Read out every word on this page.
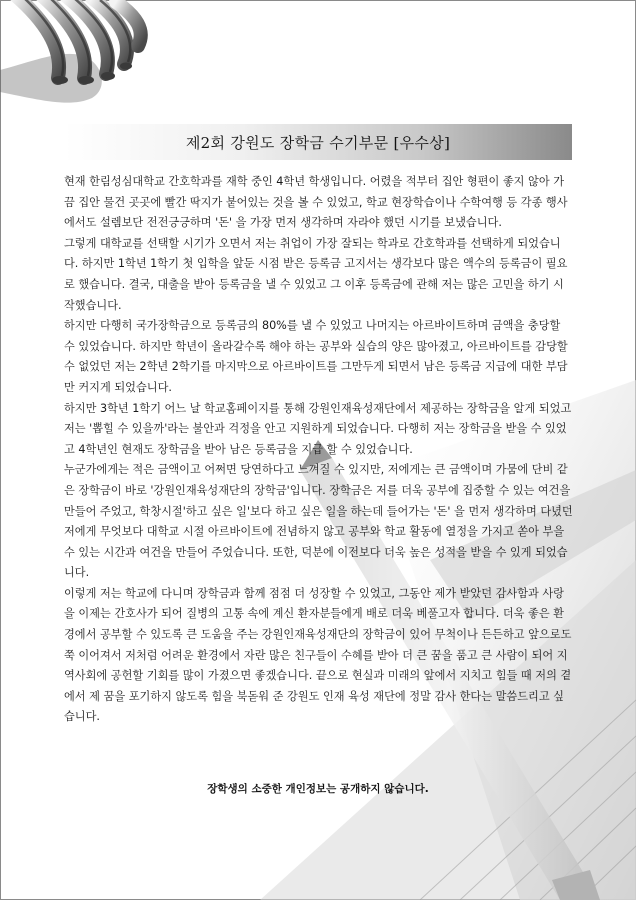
제2회 강원도 장학금 수기부문 [우수상]

현재 한림성심대학교 간호학과를 재학 중인 4학년 학생입니다. 어렸을 적부터 집안 형편이 좋지 않아 가끔 집안 물건 곳곳에 빨간 딱지가 붙어있는 것을 볼 수 있었고, 학교 현장학습이나 수학여행 등 각종 행사에서도 설렘보단 전전긍긍하며 '돈' 을 가장 먼저 생각하며 자라야 했던 시기를 보냈습니다.

그렇게 대학교를 선택할 시기가 오면서 저는 취업이 가장 잘되는 학과로 간호학과를 선택하게 되었습니다. 하지만 1학년 1학기 첫 입학을 앞둔 시점 받은 등록금 고지서는 생각보다 많은 액수의 등록금이 필요로 했습니다. 결국, 대출을 받아 등록금을 낼 수 있었고 그 이후 등록금에 관해 저는 많은 고민을 하기 시작했습니다.

하지만 다행히 국가장학금으로 등록금의 80%를 낼 수 있었고 나머지는 아르바이트하며 금액을 충당할 수 있었습니다. 하지만 학년이 올라갈수록 해야 하는 공부와 실습의 양은 많아졌고, 아르바이트를 감당할 수 없었던 저는 2학년 2학기를 마지막으로 아르바이트를 그만두게 되면서 남은 등록금 지급에 대한 부담만 커지게 되었습니다.

하지만 3학년 1학기 어느 날 학교홈페이지를 통해 강원인재육성재단에서 제공하는 장학금을 알게 되었고 저는 '뽑힐 수 있을까'라는 불안과 걱정을 안고 지원하게 되었습니다. 다행히 저는 장학금을 받을 수 있었고 4학년인 현재도 장학금을 받아 남은 등록금을 지급 할 수 있었습니다.

누군가에게는 적은 금액이고 어쩌면 당연하다고 느껴질 수 있지만, 저에게는 큰 금액이며 가뭄에 단비 같은 장학금이 바로 '강원인재육성재단의 장학금'입니다. 장학금은 저를 더욱 공부에 집중할 수 있는 여건을 만들어 주었고, 학창시절'하고 싶은 일'보다 하고 싶은 일을 하는데 들어가는 '돈' 을 먼저 생각하며 다녔던 저에게 무엇보다 대학교 시절 아르바이트에 전념하지 않고 공부와 학교 활동에 열정을 가지고 쏟아 부을 수 있는 시간과 여건을 만들어 주었습니다. 또한, 덕분에 이전보다 더욱 높은 성적을 받을 수 있게 되었습니다.

이렇게 저는 학교에 다니며 장학금과 함께 점점 더 성장할 수 있었고, 그동안 제가 받았던 감사함과 사랑을 이제는 간호사가 되어 질병의 고통 속에 계신 환자분들에게 배로 더욱 베풀고자 합니다. 더욱 좋은 환경에서 공부할 수 있도록 큰 도움을 주는 강원인재육성재단의 장학금이 있어 무척이나 든든하고 앞으로도 쭉 이어져서 저처럼 어려운 환경에서 자란 많은 친구들이 수혜를 받아 더 큰 꿈을 품고 큰 사람이 되어 지역사회에 공헌할 기회를 많이 가졌으면 좋겠습니다. 끝으로 현실과 미래의 앞에서 지치고 힘들 때 저의 곁에서 제 꿈을 포기하지 않도록 힘을 북돋워 준 강원도 인재 육성 재단에 정말 감사 한다는 말씀드리고 싶습니다.

장학생의 소중한 개인정보는 공개하지 않습니다.
